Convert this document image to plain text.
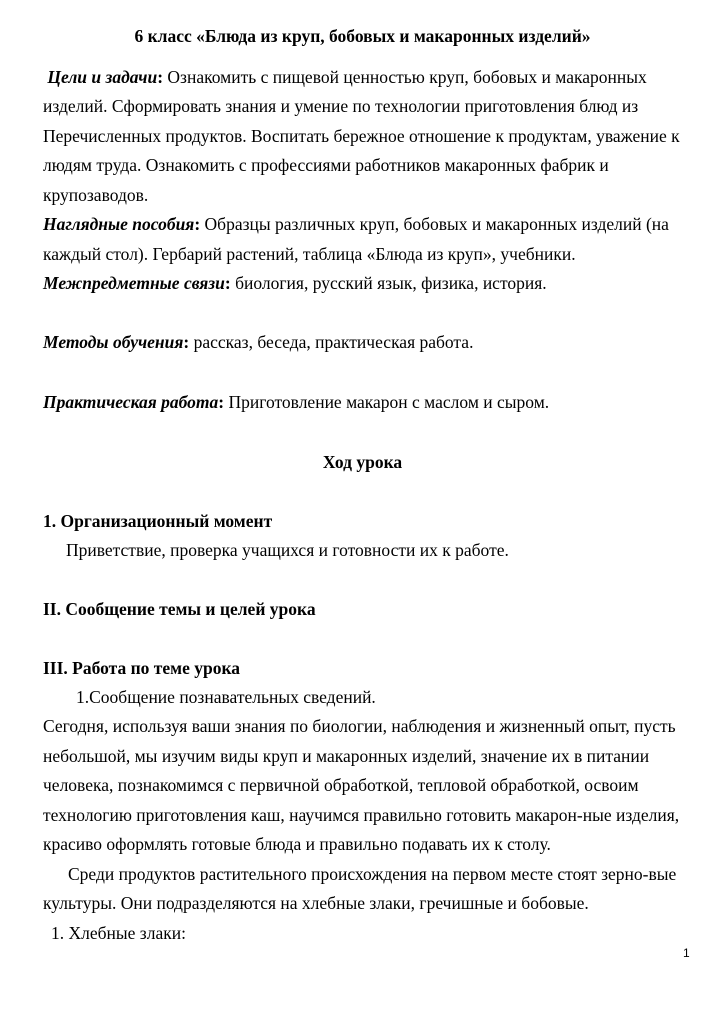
6 класс «Блюда из круп, бобовых и макаронных изделий»
Цели и задачи: Ознакомить с пищевой ценностью круп, бобовых и макаронных
изделий. Сформировать знания и умение по технологии приготовления блюд из
Перечисленных продуктов. Воспитать бережное отношение к продуктам, уважение к
людям труда. Ознакомить с профессиями работников макаронных фабрик и
крупозаводов.
Наглядные пособия: Образцы различных круп, бобовых и макаронных изделий (на
каждый стол). Гербарий растений, таблица «Блюда из круп», учебники.
Межпредметные связи: биология, русский язык, физика, история.
Методы обучения: рассказ, беседа, практическая работа.
Практическая работа: Приготовление макарон с маслом и сыром.
Ход урока
1. Организационный момент
Приветствие, проверка учащихся и готовности их к работе.
II. Сообщение темы и целей урока
III. Работа по теме урока
1.Сообщение познавательных сведений.
Сегодня, используя ваши знания по биологии, наблюдения и жизненный опыт, пусть
небольшой, мы изучим виды круп и макаронных изделий, значение их в питании
человека, познакомимся с первичной обработкой, тепловой обработкой, освоим
технологию приготовления каш, научимся правильно готовить макарон-ные изделия,
красиво оформлять готовые блюда и правильно подавать их к столу.
Среди продуктов растительного происхождения на первом месте стоят зерно-вые
культуры. Они подразделяются на хлебные злаки, гречишные и бобовые.
1. Хлебные злаки:
1
